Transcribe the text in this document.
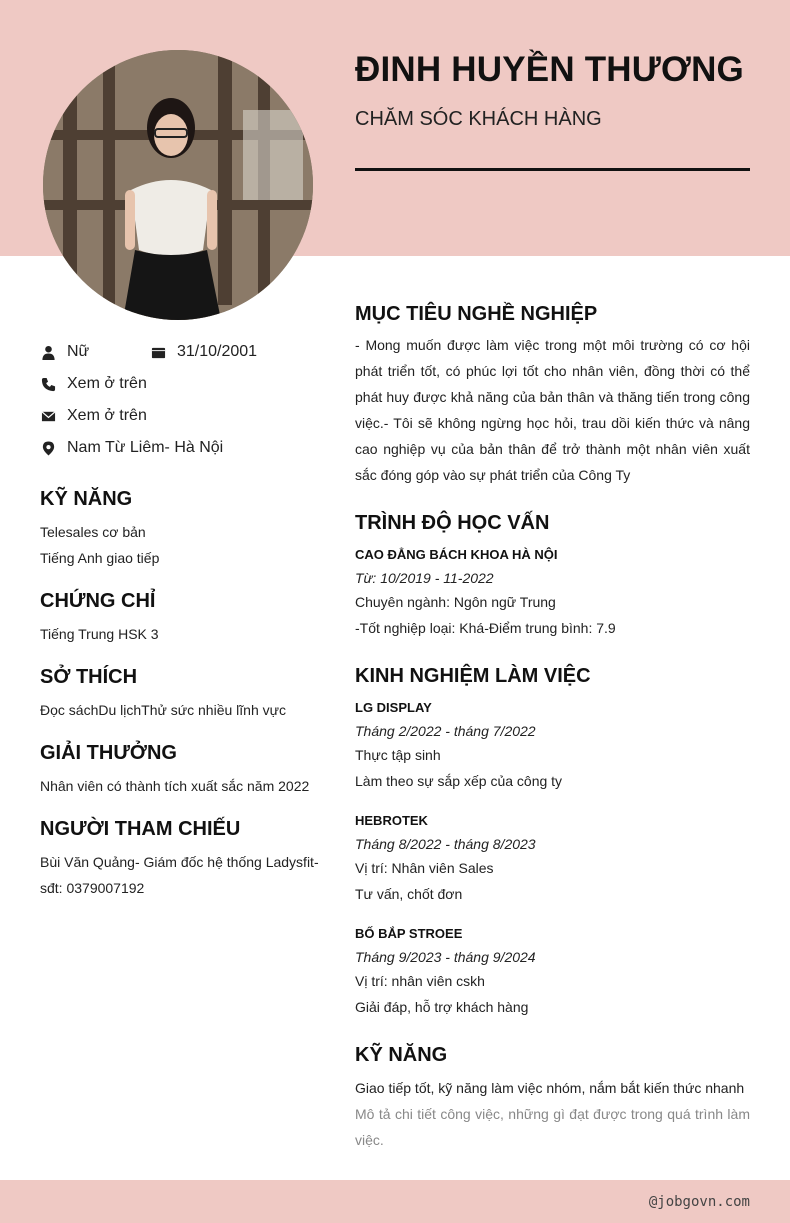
ĐINH HUYỀN THƯƠNG
CHĂM SÓC KHÁCH HÀNG
Nữ	31/10/2001
Xem ở trên
Xem ở trên
Nam Từ Liêm- Hà Nội
KỸ NĂNG
Telesales cơ bản
Tiếng Anh giao tiếp
CHỨNG CHỈ
Tiếng Trung HSK 3
SỞ THÍCH
Đọc sáchDu lịchThử sức nhiều lĩnh vực
GIẢI THƯỞNG
Nhân viên có thành tích xuất sắc năm 2022
NGƯỜI THAM CHIẾU
Bùi Văn Quảng- Giám đốc hệ thống Ladysfit-
sđt: 0379007192
MỤC TIÊU NGHỀ NGHIỆP
- Mong muốn được làm việc trong một môi trường có cơ hội phát triển tốt, có phúc lợi tốt cho nhân viên, đồng thời có thể phát huy được khả năng của bản thân và thăng tiến trong công việc.- Tôi sẽ không ngừng học hỏi, trau dồi kiến thức và nâng cao nghiệp vụ của bản thân để trở thành một nhân viên xuất sắc đóng góp vào sự phát triển của Công Ty
TRÌNH ĐỘ HỌC VẤN
CAO ĐẲNG BÁCH KHOA HÀ NỘI
Từ: 10/2019 - 11-2022
Chuyên ngành: Ngôn ngữ Trung
-Tốt nghiệp loại: Khá-Điểm trung bình: 7.9
KINH NGHIỆM LÀM VIỆC
LG DISPLAY
Tháng 2/2022 - tháng 7/2022
Thực tập sinh
Làm theo sự sắp xếp của công ty
HEBROTEK
Tháng 8/2022 - tháng 8/2023
Vị trí: Nhân viên Sales
Tư vấn, chốt đơn
BỐ BẮP STROEE
Tháng 9/2023 - tháng 9/2024
Vị trí: nhân viên cskh
Giải đáp, hỗ trợ khách hàng
KỸ NĂNG
Giao tiếp tốt, kỹ năng làm việc nhóm, nắm bắt kiến thức nhanh
Mô tả chi tiết công việc, những gì đạt được trong quá trình làm việc.
@jobgovn.com
